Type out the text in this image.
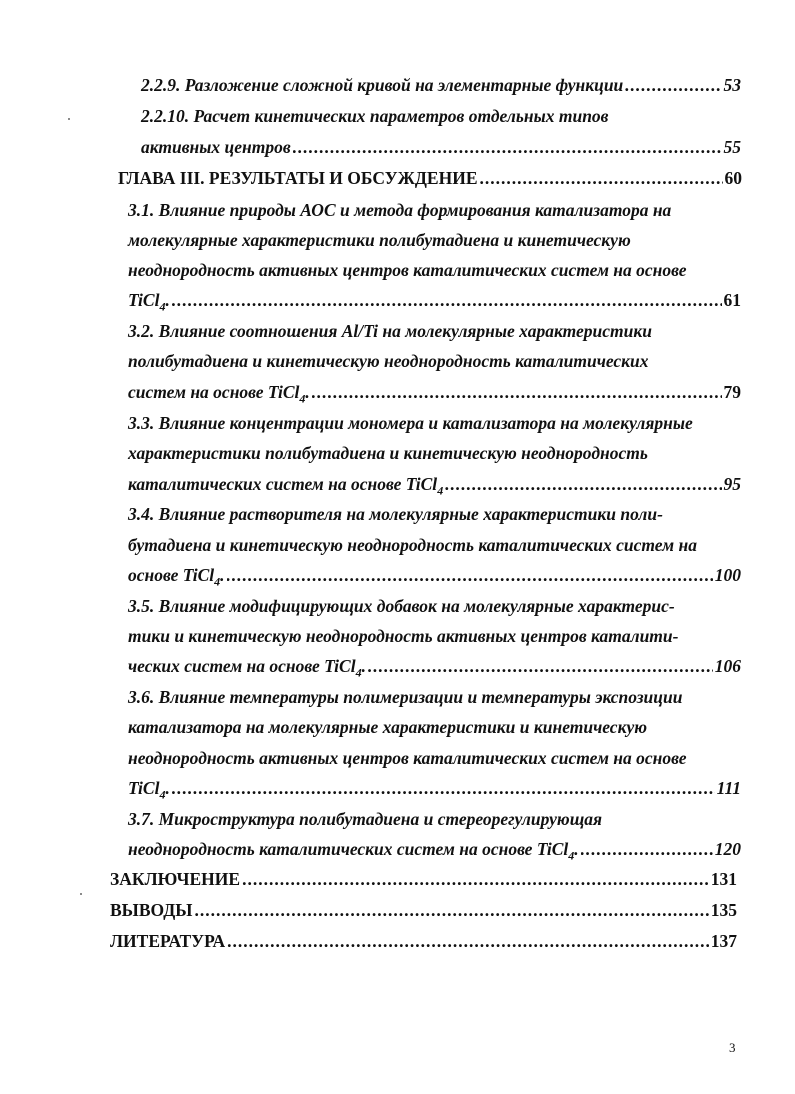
2.2.9. Разложение сложной кривой на элементарные функции .....	53
2.2.10. Расчет кинетических параметров отдельных типов
активных центров .....	55
ГЛАВА III. РЕЗУЛЬТАТЫ И ОБСУЖДЕНИЕ .....	60
3.1. Влияние природы АОС и метода формирования катализатора на
молекулярные характеристики полибутадиена и кинетическую
неоднородность активных центров каталитических систем на основе
TiCl$_4$. .....	61
3.2. Влияние соотношения Al/Ti на молекулярные характеристики
полибутадиена и кинетическую неоднородность каталитических
систем на основе TiCl$_4$. .....	79
3.3. Влияние концентрации мономера и катализатора на молекулярные
характеристики полибутадиена и кинетическую неоднородность
каталитических систем на основе TiCl$_4$ .....	95
3.4. Влияние растворителя на молекулярные характеристики поли-
бутадиена и кинетическую неоднородность каталитических систем на
основе TiCl$_4$. .....	100
3.5. Влияние модифицирующих добавок на молекулярные характерис-
тики и кинетическую неоднородность активных центров каталити-
ческих систем на основе TiCl$_4$. .....	106
3.6. Влияние температуры полимеризации и температуры экспозиции
катализатора на молекулярные характеристики и кинетическую
неоднородность активных центров каталитических систем на основе
TiCl$_4$. .....	111
3.7. Микроструктура полибутадиена и стереорегулирующая
неоднородность каталитических систем на основе TiCl$_4$. .....	120
ЗАКЛЮЧЕНИЕ .....	131
ВЫВОДЫ .....	135
ЛИТЕРАТУРА .....	137
3
